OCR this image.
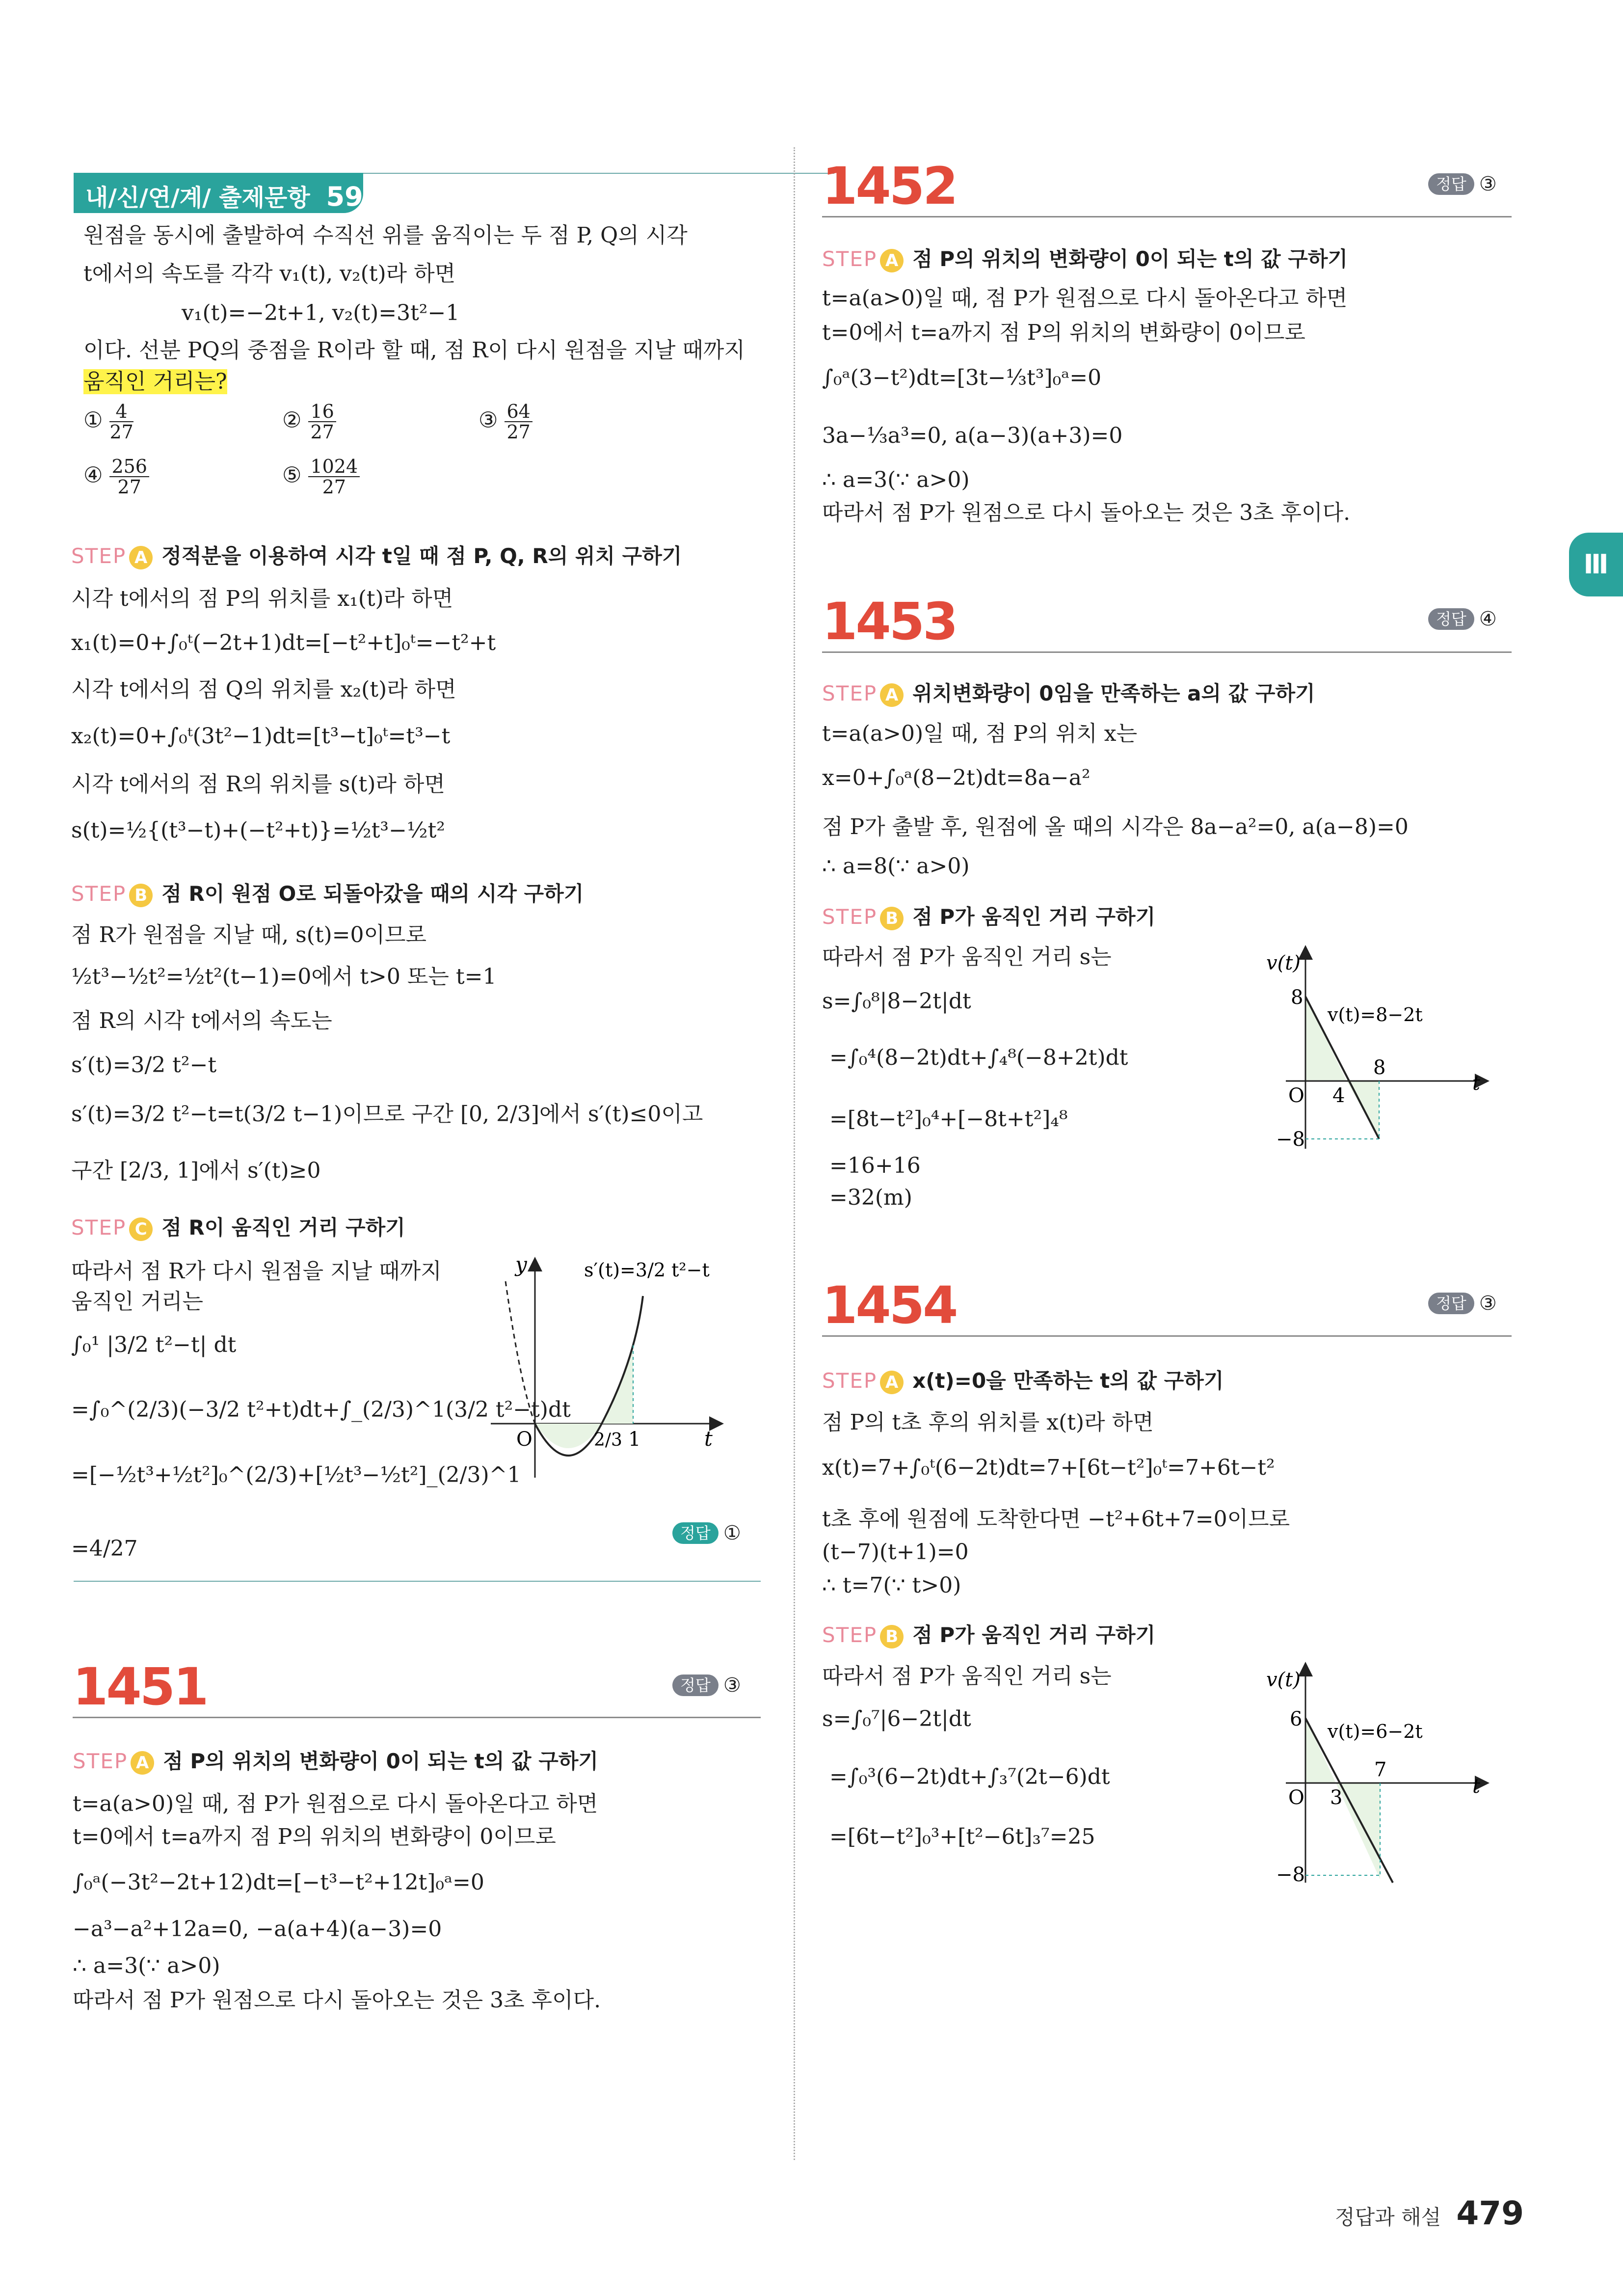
내/신/연/계/ 출제문항 599
원점을 동시에 출발하여 수직선 위를 움직이는 두 점 P, Q의 시각
t에서의 속도를 각각 v₁(t), v₂(t)라 하면
v₁(t)=−2t+1, v₂(t)=3t²−1
이다. 선분 PQ의 중점을 R이라 할 때, 점 R이 다시 원점을 지날 때까지
움직인 거리는?
① $\frac{4}{27}$	② $\frac{16}{27}$	③ $\frac{64}{27}$
④ $\frac{256}{27}$	⑤ $\frac{1024}{27}$
STEP A 정적분을 이용하여 시각 t일 때 점 P, Q, R의 위치 구하기
시각 t에서의 점 P의 위치를 x₁(t)라 하면
x₁(t)=0+∫₀ᵗ(−2t+1)dt=[−t²+t]₀ᵗ=−t²+t
시각 t에서의 점 Q의 위치를 x₂(t)라 하면
x₂(t)=0+∫₀ᵗ(3t²−1)dt=[t³−t]₀ᵗ=t³−t
시각 t에서의 점 R의 위치를 s(t)라 하면
s(t)=½{(t³−t)+(−t²+t)}=½t³−½t²
STEP B 점 R이 원점 O로 되돌아갔을 때의 시각 구하기
점 R가 원점을 지날 때, s(t)=0이므로
½t³−½t²=½t²(t−1)=0에서 t>0 또는 t=1
점 R의 시각 t에서의 속도는
s′(t)=3/2 t²−t
s′(t)=3/2 t²−t=t(3/2 t−1)이므로 구간 [0, 2/3]에서 s′(t)≤0이고
구간 [2/3, 1]에서 s′(t)≥0
STEP C 점 R이 움직인 거리 구하기
따라서 점 R가 다시 원점을 지날 때까지
움직인 거리는
∫₀¹ |3/2 t²−t| dt
=∫₀^(2/3)(−3/2 t²+t)dt+∫_(2/3)^1(3/2 t²−t)dt
=[−½t³+½t²]₀^(2/3)+[½t³−½t²]_(2/3)^1
=4/27
y
t
O	2/3 1
s′(t)=3/2 t²−t
정답 ①
1451	정답 ③
STEP A 점 P의 위치의 변화량이 0이 되는 t의 값 구하기
t=a(a>0)일 때, 점 P가 원점으로 다시 돌아온다고 하면
t=0에서 t=a까지 점 P의 위치의 변화량이 0이므로
∫₀ᵃ(−3t²−2t+12)dt=[−t³−t²+12t]₀ᵃ=0
−a³−a²+12a=0, −a(a+4)(a−3)=0
∴ a=3(∵ a>0)
따라서 점 P가 원점으로 다시 돌아오는 것은 3초 후이다.
1452	정답 ③
STEP A 점 P의 위치의 변화량이 0이 되는 t의 값 구하기
t=a(a>0)일 때, 점 P가 원점으로 다시 돌아온다고 하면
t=0에서 t=a까지 점 P의 위치의 변화량이 0이므로
∫₀ᵃ(3−t²)dt=[3t−⅓t³]₀ᵃ=0
3a−⅓a³=0, a(a−3)(a+3)=0
∴ a=3(∵ a>0)
따라서 점 P가 원점으로 다시 돌아오는 것은 3초 후이다.
1453	정답 ④
STEP A 위치변화량이 0임을 만족하는 a의 값 구하기
t=a(a>0)일 때, 점 P의 위치 x는
x=0+∫₀ᵃ(8−2t)dt=8a−a²
점 P가 출발 후, 원점에 올 때의 시각은 8a−a²=0, a(a−8)=0
∴ a=8(∵ a>0)
STEP B 점 P가 움직인 거리 구하기
따라서 점 P가 움직인 거리 s는
s=∫₀⁸|8−2t|dt
=∫₀⁴(8−2t)dt+∫₄⁸(−8+2t)dt
=[8t−t²]₀⁴+[−8t+t²]₄⁸
=16+16
=32(m)
v(t)
8
v(t)=8−2t
O 4
8
t
−8
1454	정답 ③
STEP A x(t)=0을 만족하는 t의 값 구하기
점 P의 t초 후의 위치를 x(t)라 하면
x(t)=7+∫₀ᵗ(6−2t)dt=7+[6t−t²]₀ᵗ=7+6t−t²
t초 후에 원점에 도착한다면 −t²+6t+7=0이므로
(t−7)(t+1)=0
∴ t=7(∵ t>0)
STEP B 점 P가 움직인 거리 구하기
따라서 점 P가 움직인 거리 s는
s=∫₀⁷|6−2t|dt
=∫₀³(6−2t)dt+∫₃⁷(2t−6)dt
=[6t−t²]₀³+[t²−6t]₃⁷=25
v(t)
6
v(t)=6−2t
O 3
7
t
−8
Ⅲ
정답과 해설 479
